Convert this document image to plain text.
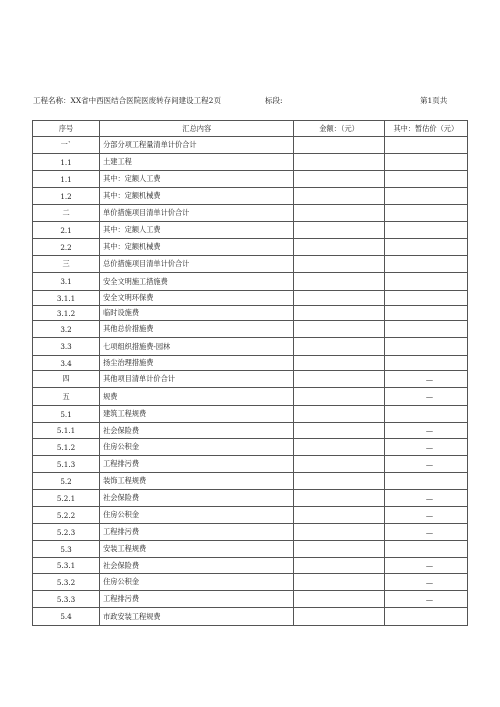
工程名称：XX省中西医结合医院医废转存间建设工程2页	标段:	第1页共
序号	汇总内容	金额：（元）	其中：暂估价（元）
一`	分部分项工程量清单计价合计		
1.1	土建工程		
1.1	其中：定额人工费		
1.2	其中：定额机械费		
二	单价措施项目清单计价合计		
2.1	其中：定额人工费		
2.2	其中：定额机械费		
三	总价措施项目清单计价合计		
3.1	安全文明施工措施费		
3.1.1	安全文明环保费		
3.1.2	临时设施费		
3.2	其他总价措施费		
3.3	七项组织措施费-园林		
3.4	扬尘治理措施费		
四	其他项目清单计价合计		—
五	规费		—
5.1	建筑工程规费		
5.1.1	社会保险费		—
5.1.2	住房公积金		—
5.1.3	工程排污费		—
5.2	装饰工程规费		
5.2.1	社会保险费		—
5.2.2	住房公积金		—
5.2.3	工程排污费		—
5.3	安装工程规费		
5.3.1	社会保险费		—
5.3.2	住房公积金		—
5.3.3	工程排污费		—
5.4	市政安装工程规费		
